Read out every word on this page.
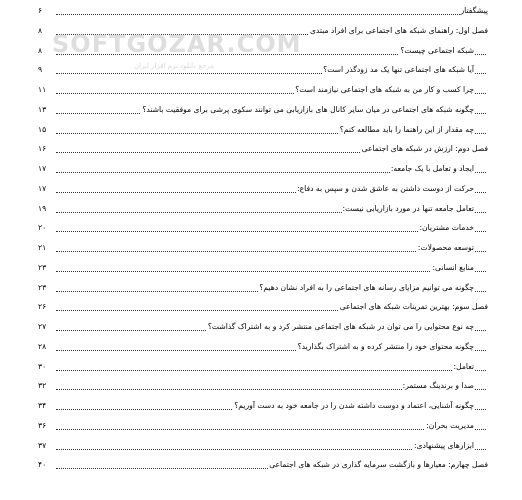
پیشگفتار
۶
فصل اول: راهنمای شبکه های اجتماعی برای افراد مبتدی
۸
شبکه اجتماعی چیست؟
۸
آیا شبکه های اجتماعی تنها یک مد زودگذر است؟
۹
چرا کسب و کار من به شبکه های اجتماعی نیازمند است؟
۱۱
چگونه شبکه های اجتماعی در میان سایر کانال های بازاریابی می توانند سکوی پرشی برای موفقیت باشند؟
۱۳
چه مقدار از این راهنما را باید مطالعه کنم؟
۱۵
فصل دوم: ارزش در شبکه های اجتماعی
۱۶
ایجاد و تعامل با یک جامعه:
۱۷
حرکت از دوست داشتن به عاشق شدن و سپس به دفاع:
۱۷
تعامل جامعه تنها در مورد بازاریابی نیست:
۱۹
خدمات مشتریان:
۲۰
توسعه محصولات:
۲۱
منابع انسانی:
۲۳
چگونه می توانیم مزایای رسانه های اجتماعی را به افراد نشان دهیم؟
۲۳
فصل سوم: بهترین تمرینات شبکه های اجتماعی
۲۶
چه نوع محتوایی را می توان در شبکه های اجتماعی منتشر کرد و به اشتراک گذاشت؟
۲۷
چگونه محتوای خود را منتشر کرده و به اشتراک بگذارید؟
۲۸
تعامل:
۳۰
صدا و برندینگ مستمر:
۳۲
چگونه آشنایی، اعتماد و دوست داشته شدن را در جامعه خود به دست آوریم؟
۳۴
مدیریت بحران:
۳۶
ابزارهای پیشنهادی:
۳۷
فصل چهارم: معیارها و بازگشت سرمایه گذاری در شبکه های اجتماعی
۴۰
SOFTGOZAR.COM
مرجع دانلود نرم افزار ایران
